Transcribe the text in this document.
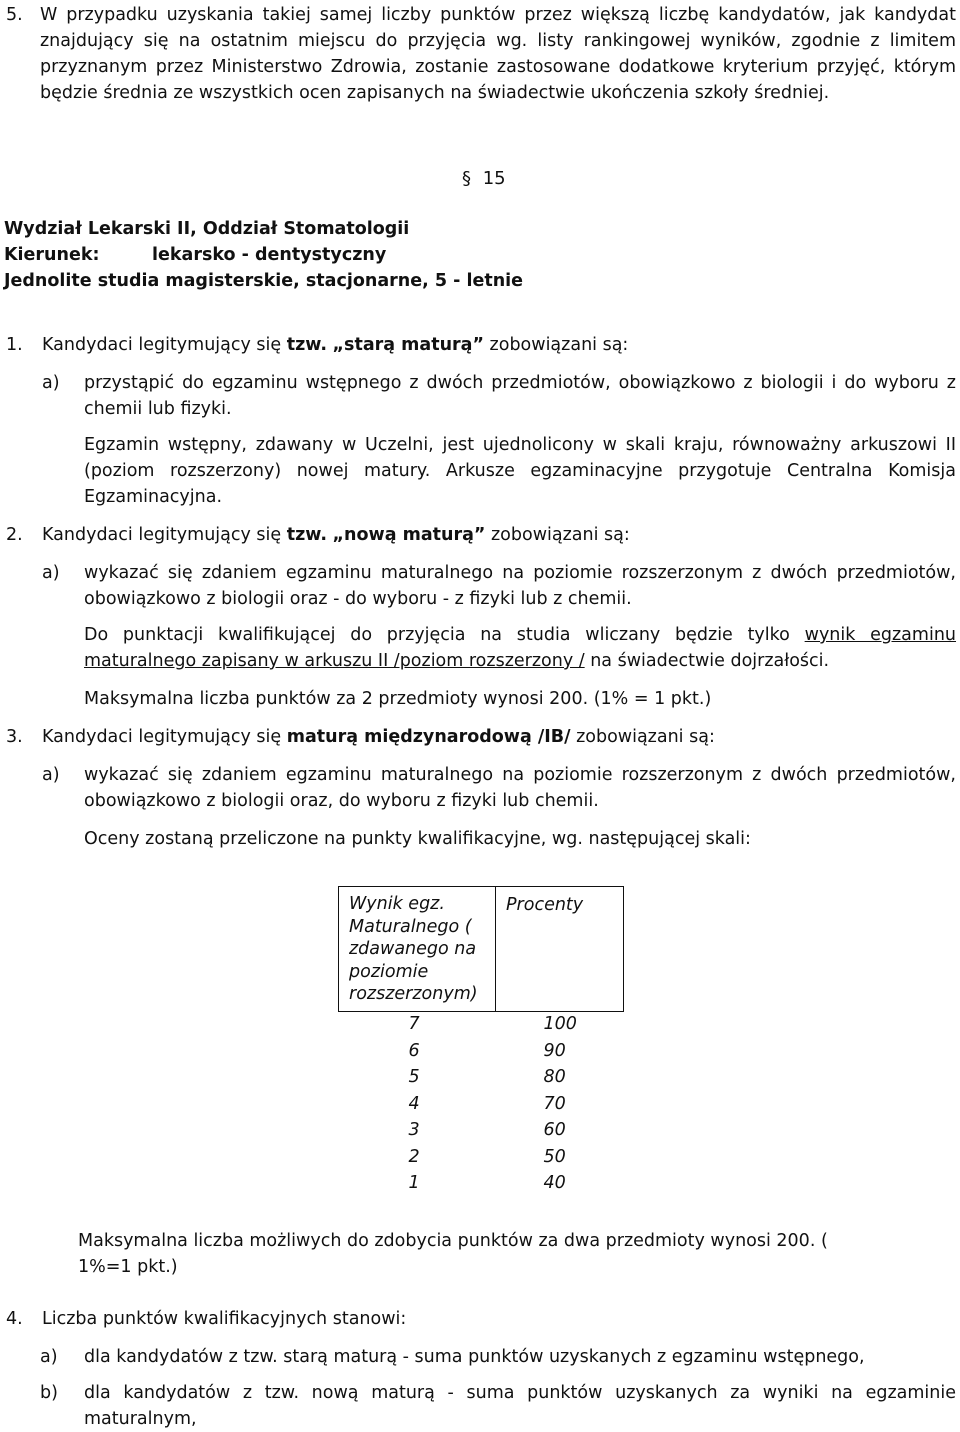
5. W przypadku uzyskania takiej samej liczby punktów przez większą liczbę kandydatów, jak kandydat znajdujący się na ostatnim miejscu do przyjęcia wg. listy rankingowej wyników, zgodnie z limitem przyznanym przez Ministerstwo Zdrowia, zostanie zastosowane dodatkowe kryterium przyjęć, którym będzie średnia ze wszystkich ocen zapisanych na świadectwie ukończenia szkoły średniej.
§ 15
Wydział Lekarski II, Oddział Stomatologii
Kierunek:	lekarsko - dentystyczny
Jednolite studia magisterskie, stacjonarne, 5 - letnie
1. Kandydaci legitymujący się tzw. „starą maturą” zobowiązani są:
a) przystąpić do egzaminu wstępnego z dwóch przedmiotów, obowiązkowo z biologii i do wyboru z chemii lub fizyki.
Egzamin wstępny, zdawany w Uczelni, jest ujednolicony w skali kraju, równoważny arkuszowi II (poziom rozszerzony) nowej matury. Arkusze egzaminacyjne przygotuje Centralna Komisja Egzaminacyjna.
2. Kandydaci legitymujący się tzw. „nową maturą” zobowiązani są:
a) wykazać się zdaniem egzaminu maturalnego na poziomie rozszerzonym z dwóch przedmiotów, obowiązkowo z biologii oraz - do wyboru - z fizyki lub z chemii.
Do punktacji kwalifikującej do przyjęcia na studia wliczany będzie tylko wynik egzaminu maturalnego zapisany w arkuszu II /poziom rozszerzony / na świadectwie dojrzałości.
Maksymalna liczba punktów za 2 przedmioty wynosi 200. (1% = 1 pkt.)
3. Kandydaci legitymujący się maturą międzynarodową /IB/ zobowiązani są:
a) wykazać się zdaniem egzaminu maturalnego na poziomie rozszerzonym z dwóch przedmiotów, obowiązkowo z biologii oraz, do wyboru z fizyki lub chemii.
Oceny zostaną przeliczone na punkty kwalifikacyjne, wg. następującej skali:
Wynik egz. Maturalnego ( zdawanego na poziomie rozszerzonym)	Procenty
7	100
6	90
5	80
4	70
3	60
2	50
1	40
Maksymalna liczba możliwych do zdobycia punktów za dwa przedmioty wynosi 200. ( 1%=1 pkt.)
4. Liczba punktów kwalifikacyjnych stanowi:
a) dla kandydatów z tzw. starą maturą - suma punktów uzyskanych z egzaminu wstępnego,
b) dla kandydatów z tzw. nową maturą - suma punktów uzyskanych za wyniki na egzaminie maturalnym,
